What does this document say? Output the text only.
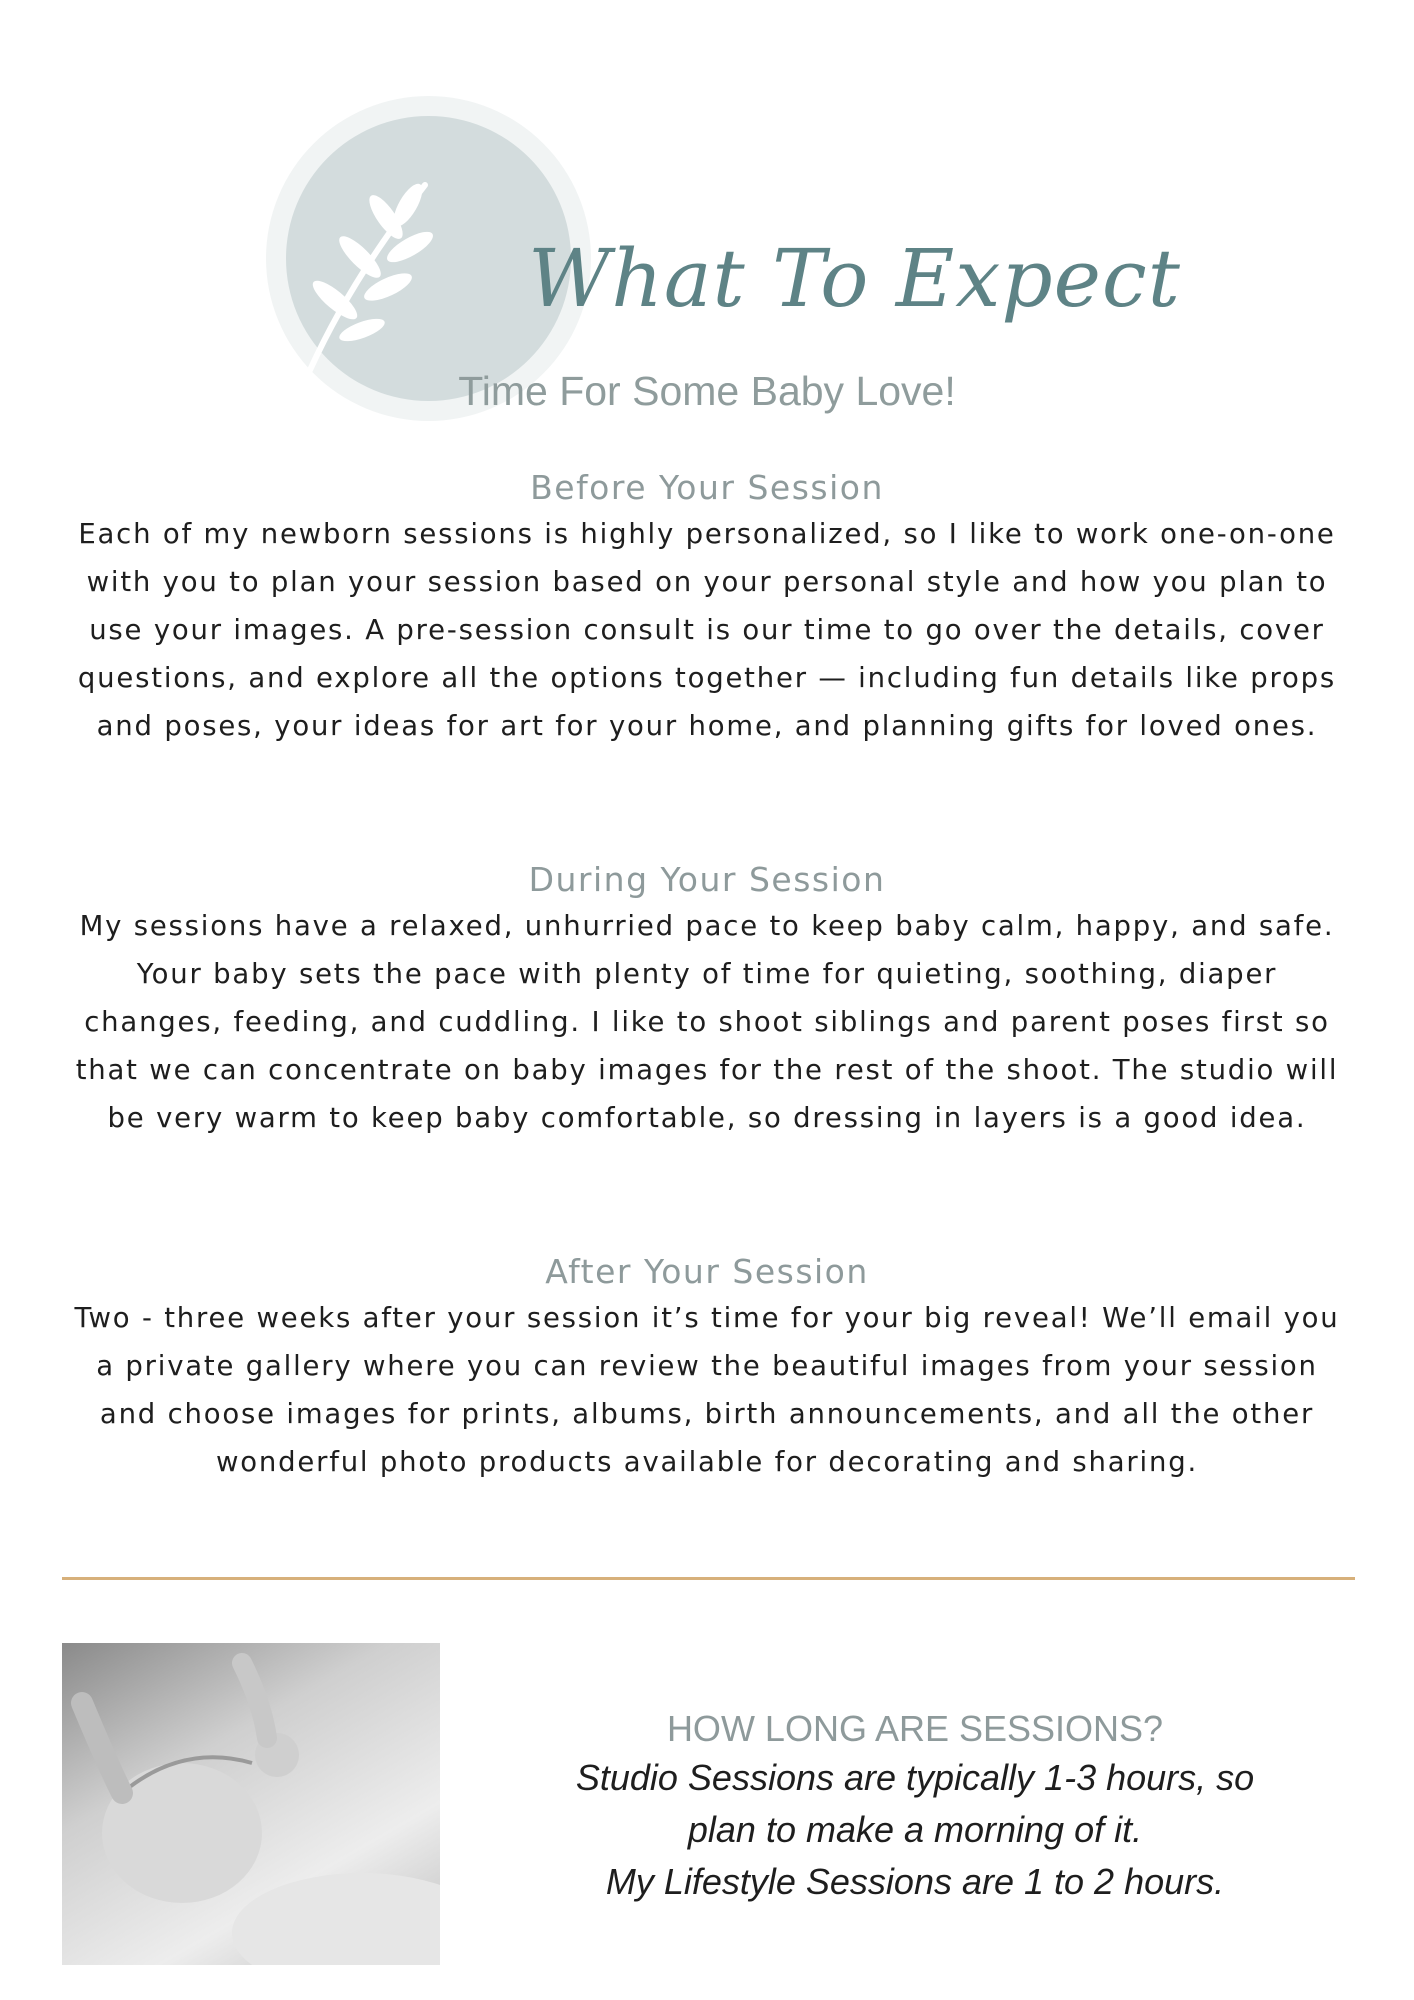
What To Expect
Time For Some Baby Love!
Before Your Session

Each of my newborn sessions is highly personalized, so I like to work one-on-one with you to plan your session based on your personal style and how you plan to use your images. A pre-session consult is our time to go over the details, cover questions, and explore all the options together — including fun details like props and poses, your ideas for art for your home, and planning gifts for loved ones.

During Your Session

My sessions have a relaxed, unhurried pace to keep baby calm, happy, and safe. Your baby sets the pace with plenty of time for quieting, soothing, diaper changes, feeding, and cuddling. I like to shoot siblings and parent poses first so that we can concentrate on baby images for the rest of the shoot. The studio will be very warm to keep baby comfortable, so dressing in layers is a good idea.

After Your Session

Two - three weeks after your session it’s time for your big reveal! We’ll email you a private gallery where you can review the beautiful images from your session and choose images for prints, albums, birth announcements, and all the other wonderful photo products available for decorating and sharing.

HOW LONG ARE SESSIONS?

Studio Sessions are typically 1-3 hours, so

plan to make a morning of it.

My Lifestyle Sessions are 1 to 2 hours.
